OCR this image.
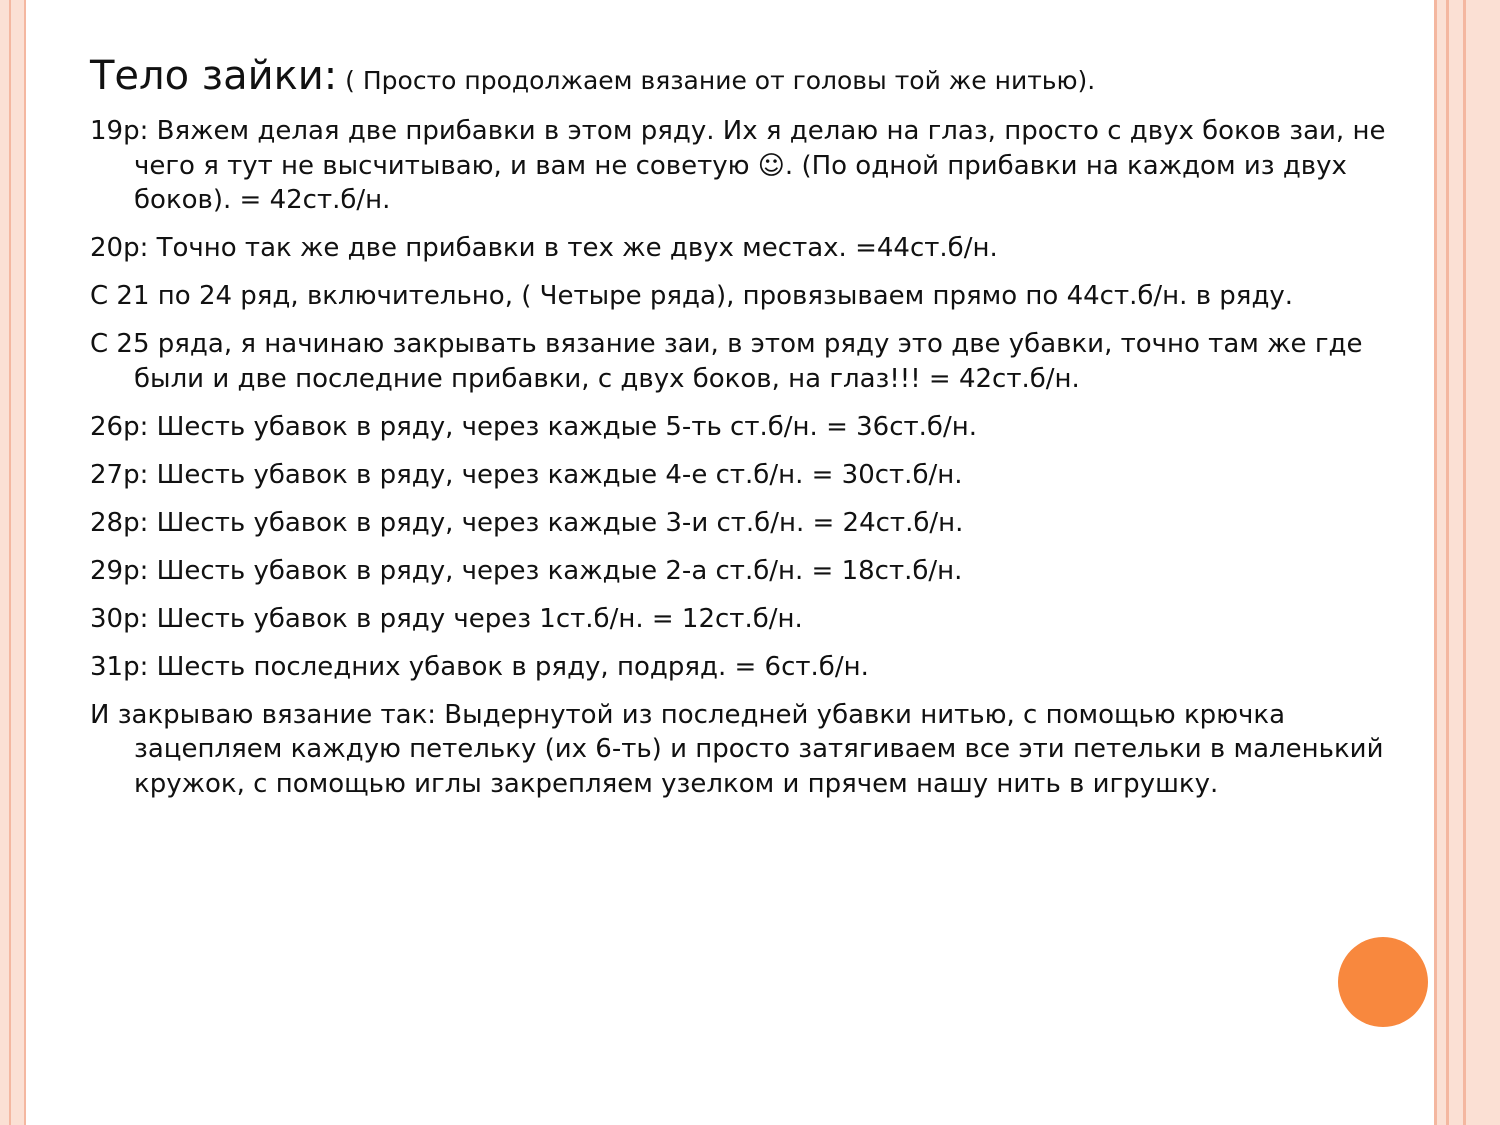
Тело зайки: ( Просто продолжаем вязание от головы той же нитью).

19р: Вяжем делая две прибавки в этом ряду. Их я делаю на глаз, просто с двух боков заи, не чего я тут не высчитываю, и вам не советую ☺. (По одной прибавки на каждом из двух боков). = 42ст.б/н.

20р: Точно так же две прибавки в тех же двух местах. =44ст.б/н.

С 21 по 24 ряд, включительно, ( Четыре ряда), провязываем прямо по 44ст.б/н. в ряду.

С 25 ряда, я начинаю закрывать вязание заи, в этом ряду это две убавки, точно там же где были и две последние прибавки, с двух боков, на глаз!!! = 42ст.б/н.

26р: Шесть убавок в ряду, через каждые 5-ть ст.б/н. = 36ст.б/н.

27р: Шесть убавок в ряду, через каждые 4-е ст.б/н. = 30ст.б/н.

28р: Шесть убавок в ряду, через каждые 3-и ст.б/н. = 24ст.б/н.

29р: Шесть убавок в ряду, через каждые 2-а ст.б/н. = 18ст.б/н.

30р: Шесть убавок в ряду через 1ст.б/н. = 12ст.б/н.

31р: Шесть последних убавок в ряду, подряд. = 6ст.б/н.

И закрываю вязание так: Выдернутой из последней убавки нитью, с помощью крючка зацепляем каждую петельку (их 6-ть) и просто затягиваем все эти петельки в маленький кружок, с помощью иглы закрепляем узелком и прячем нашу нить в игрушку.
